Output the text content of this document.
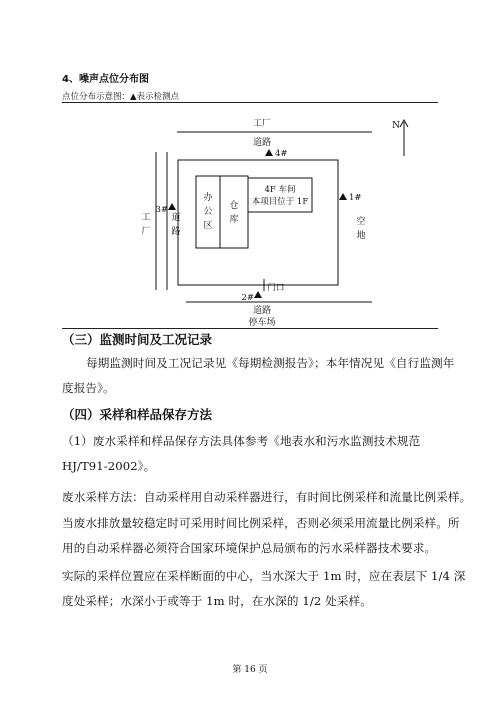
4、噪声点位分布图
点位分布示意图：▲表示检测点
工厂
道路
4#
工
厂
道
路
3#
办
公
区
仓
库
4F 车间
本项目位于 1F	1#
空
地
N
门口
2#
道路
停车场
（三）监测时间及工况记录
每期监测时间及工况记录见《每期检测报告》；本年情况见《自行监测年
度报告》。
（四）采样和样品保存方法
（1）废水采样和样品保存方法具体参考《地表水和污水监测技术规范
HJ/T91-2002》。
废水采样方法：自动采样用自动采样器进行，有时间比例采样和流量比例采样。
当废水排放量较稳定时可采用时间比例采样，否则必须采用流量比例采样。所
用的自动采样器必须符合国家环境保护总局颁布的污水采样器技术要求。
实际的采样位置应在采样断面的中心，当水深大于 1m 时，应在表层下 1/4 深
度处采样；水深小于或等于 1m 时，在水深的 1/2 处采样。
第 16 页
